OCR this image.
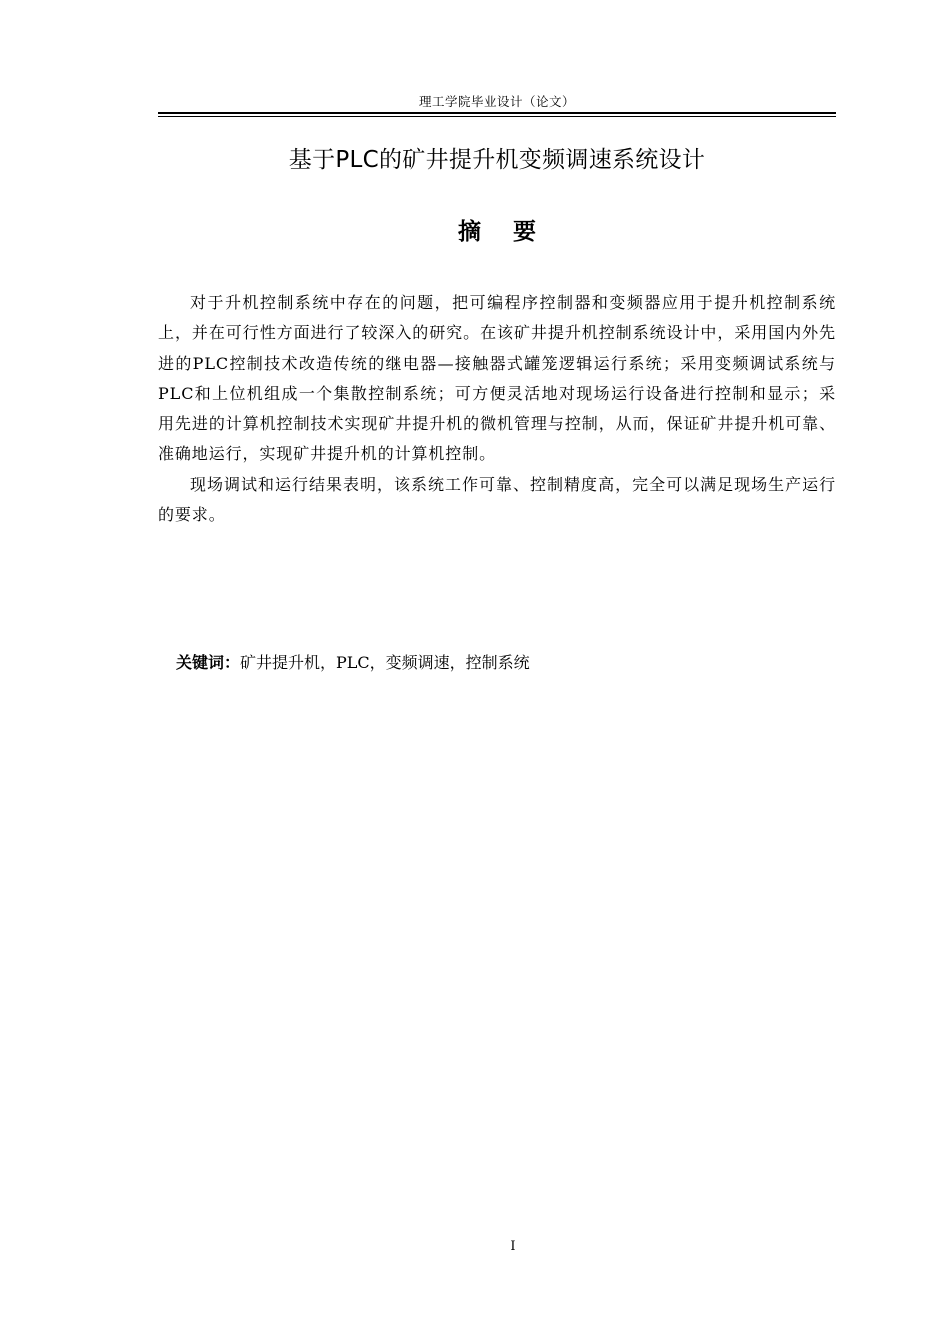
理工学院毕业设计（论文）
基于PLC的矿井提升机变频调速系统设计
摘 要

对于升机控制系统中存在的问题，把可编程序控制器和变频器应用于提升机控制系统上，并在可行性方面进行了较深入的研究。在该矿井提升机控制系统设计中，采用国内外先进的PLC控制技术改造传统的继电器—接触器式罐笼逻辑运行系统；采用变频调试系统与PLC和上位机组成一个集散控制系统；可方便灵活地对现场运行设备进行控制和显示；采用先进的计算机控制技术实现矿井提升机的微机管理与控制，从而，保证矿井提升机可靠、准确地运行，实现矿井提升机的计算机控制。

现场调试和运行结果表明，该系统工作可靠、控制精度高，完全可以满足现场生产运行的要求。

关键词：矿井提升机，PLC，变频调速，控制系统
I
